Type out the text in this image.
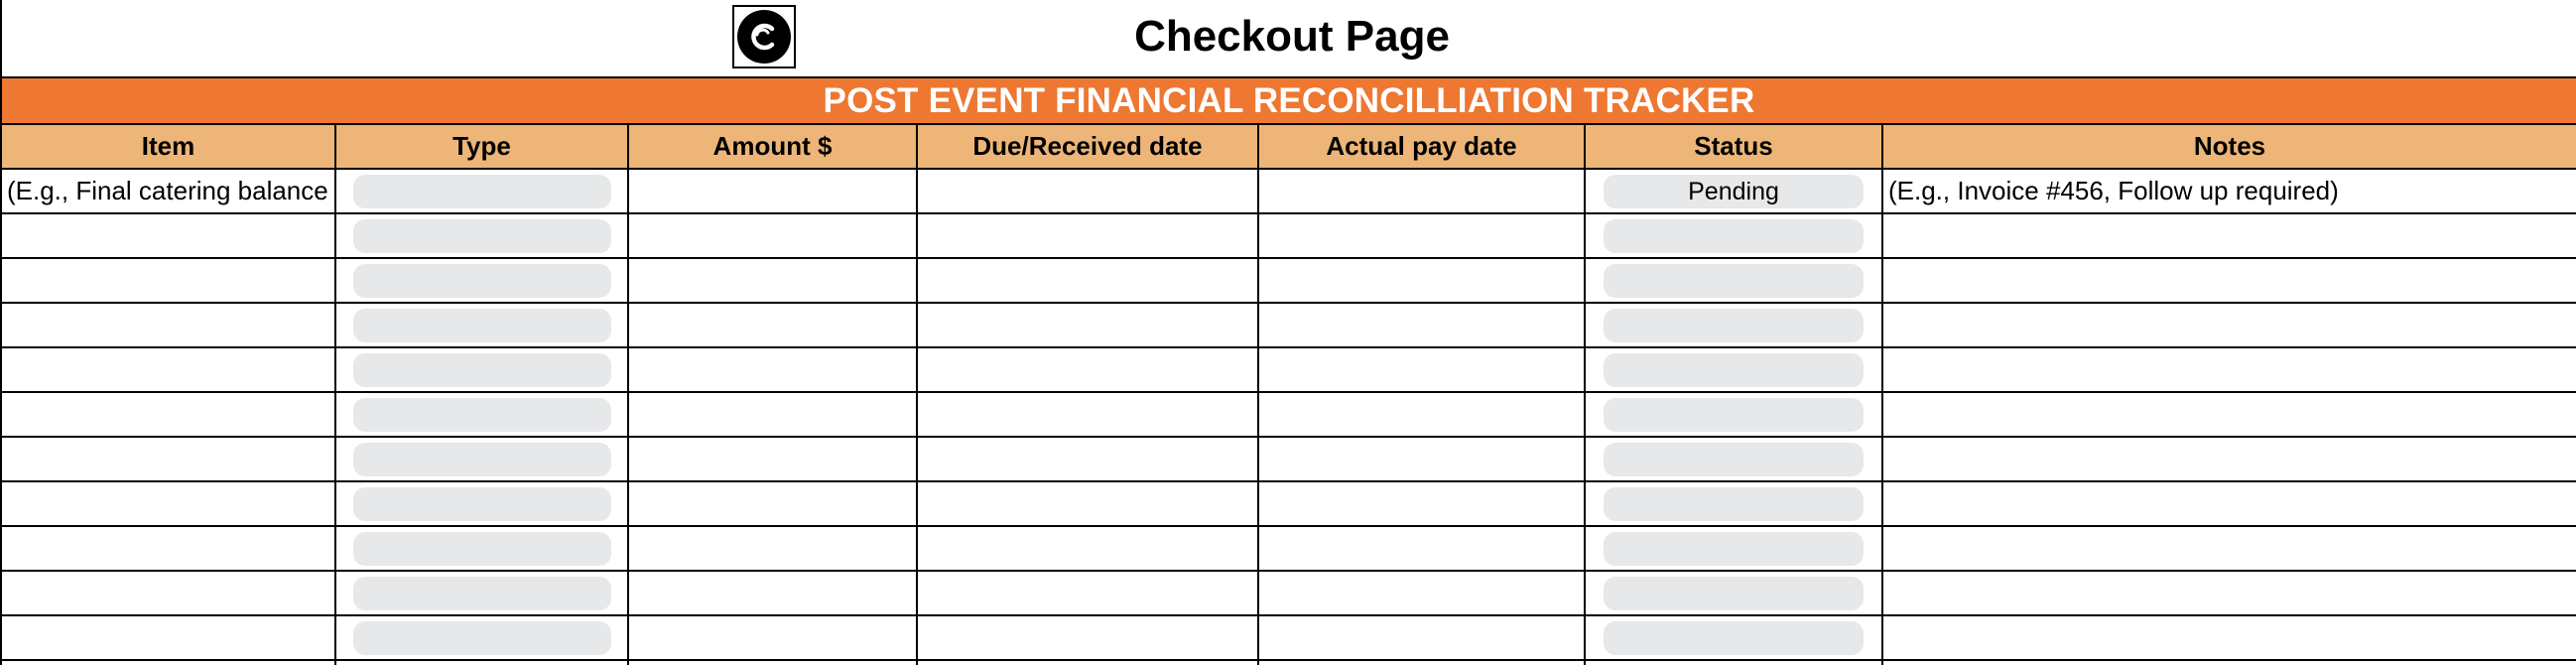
Checkout Page
POST EVENT FINANCIAL RECONCILLIATION TRACKER
Item	Type	Amount $	Due/Received date	Actual pay date	Status	Notes

(E.g., Final catering balance					Pending	(E.g., Invoice #456, Follow up required)
